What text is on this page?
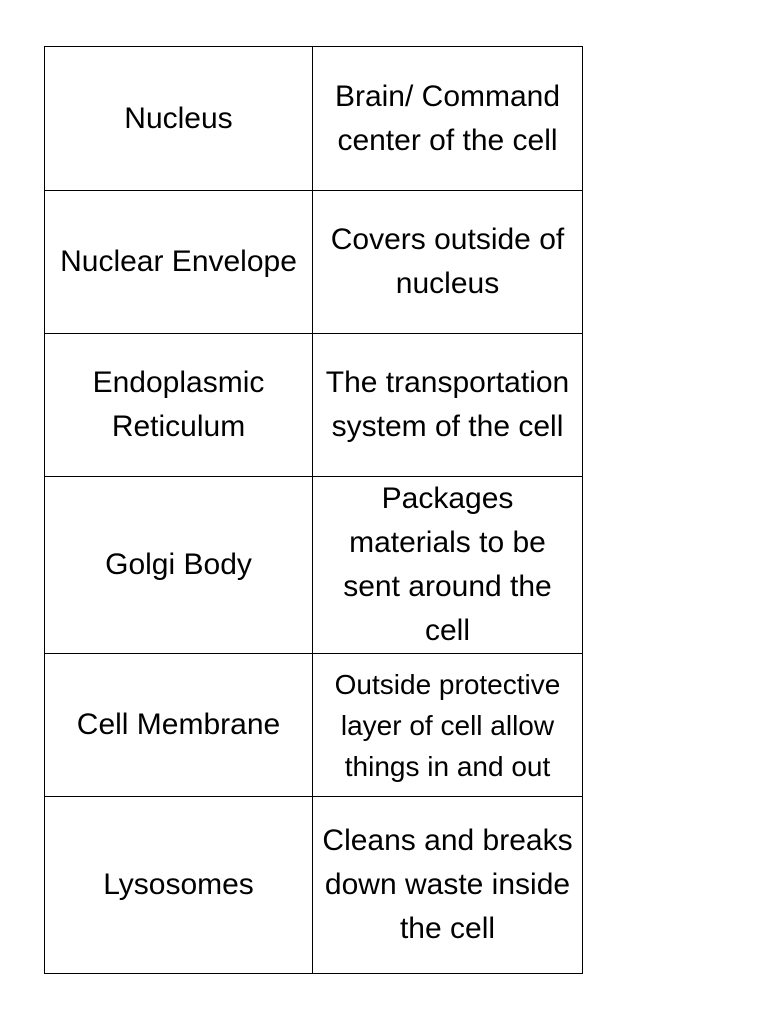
Nucleus	Brain/ Command center of the cell
Nuclear Envelope	Covers outside of nucleus
Endoplasmic Reticulum	The transportation system of the cell
Golgi Body	Packages materials to be sent around the cell
Cell Membrane	Outside protective layer of cell allow things in and out
Lysosomes	Cleans and breaks down waste inside the cell
